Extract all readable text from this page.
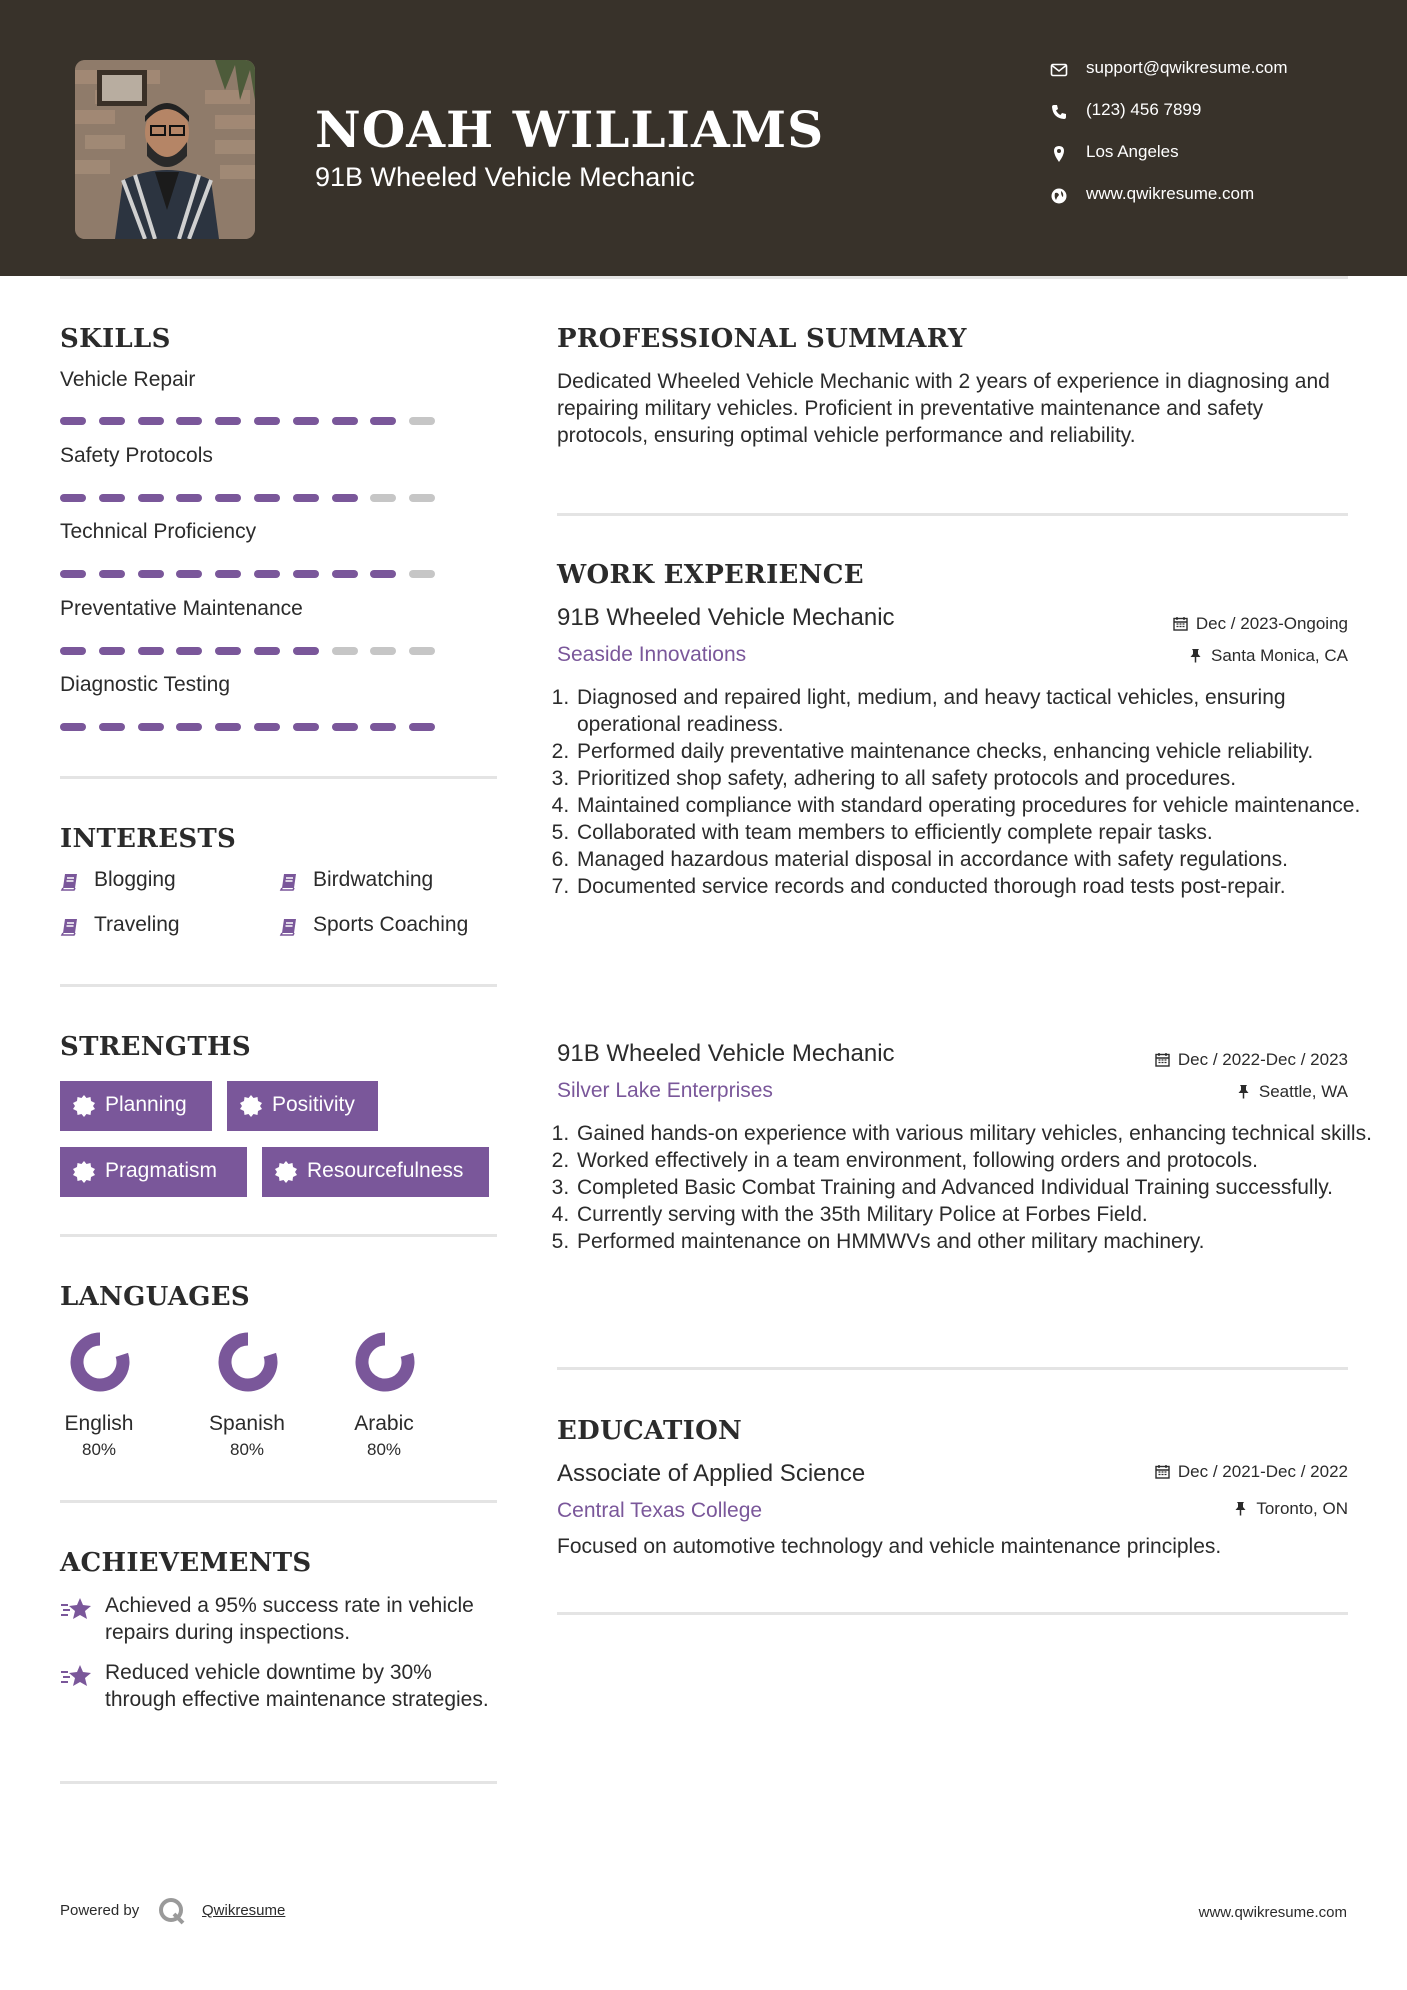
NOAH WILLIAMS
91B Wheeled Vehicle Mechanic
support@qwikresume.com
(123) 456 7899
Los Angeles
www.qwikresume.com
SKILLS
Vehicle Repair
Safety Protocols
Technical Proficiency
Preventative Maintenance
Diagnostic Testing
INTERESTS
Blogging	Birdwatching
Traveling	Sports Coaching
STRENGTHS
Planning	Positivity
Pragmatism	Resourcefulness
LANGUAGES
English
80%
Spanish
80%
Arabic
80%
ACHIEVEMENTS
Achieved a 95% success rate in vehicle repairs during inspections.
Reduced vehicle downtime by 30% through effective maintenance strategies.
PROFESSIONAL SUMMARY
Dedicated Wheeled Vehicle Mechanic with 2 years of experience in diagnosing and repairing military vehicles. Proficient in preventative maintenance and safety protocols, ensuring optimal vehicle performance and reliability.
WORK EXPERIENCE
91B Wheeled Vehicle Mechanic	Dec / 2023-Ongoing
Seaside Innovations	Santa Monica, CA
1. Diagnosed and repaired light, medium, and heavy tactical vehicles, ensuring operational readiness.
2. Performed daily preventative maintenance checks, enhancing vehicle reliability.
3. Prioritized shop safety, adhering to all safety protocols and procedures.
4. Maintained compliance with standard operating procedures for vehicle maintenance.
5. Collaborated with team members to efficiently complete repair tasks.
6. Managed hazardous material disposal in accordance with safety regulations.
7. Documented service records and conducted thorough road tests post-repair.
91B Wheeled Vehicle Mechanic	Dec / 2022-Dec / 2023
Silver Lake Enterprises	Seattle, WA
1. Gained hands-on experience with various military vehicles, enhancing technical skills.
2. Worked effectively in a team environment, following orders and protocols.
3. Completed Basic Combat Training and Advanced Individual Training successfully.
4. Currently serving with the 35th Military Police at Forbes Field.
5. Performed maintenance on HMMWVs and other military machinery.
EDUCATION
Associate of Applied Science	Dec / 2021-Dec / 2022
Central Texas College	Toronto, ON
Focused on automotive technology and vehicle maintenance principles.
Powered by	Qwikresume	www.qwikresume.com
